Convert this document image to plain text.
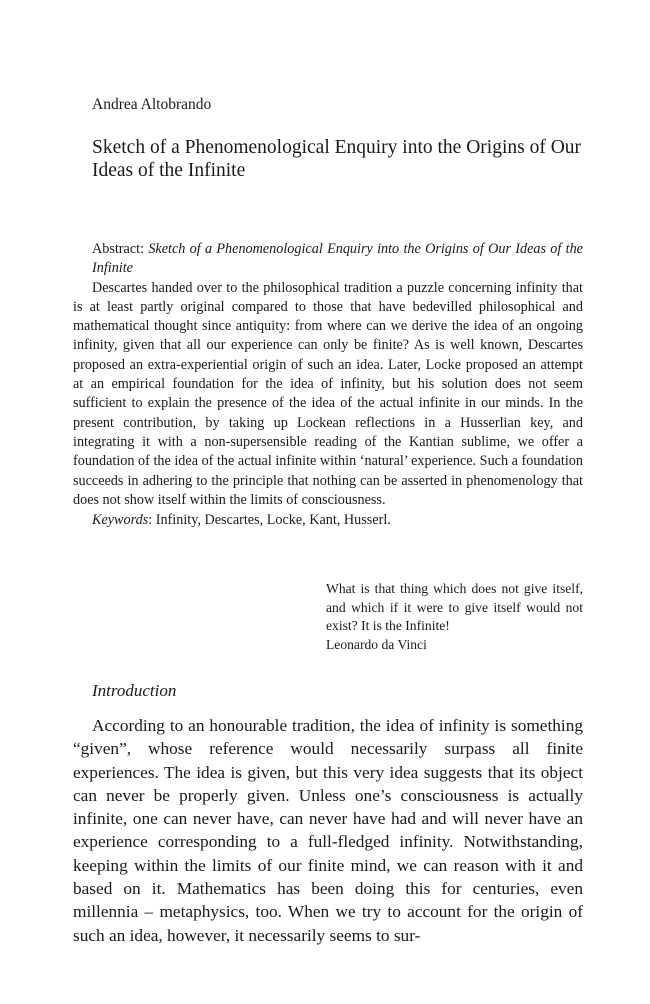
Andrea Altobrando
Sketch of a Phenomenological Enquiry into the Origins of Our Ideas of the Infinite

Abstract: Sketch of a Phenomenological Enquiry into the Origins of Our Ideas of the Infinite

Descartes handed over to the philosophical tradition a puzzle concerning infinity that is at least partly original compared to those that have bedevilled philosophical and mathematical thought since antiquity: from where can we derive the idea of an ongoing infinity, given that all our experience can only be finite? As is well known, Descartes proposed an extra-experiential origin of such an idea. Later, Locke proposed an attempt at an empirical foundation for the idea of infinity, but his solution does not seem sufficient to explain the presence of the idea of the actual infinite in our minds. In the present contribution, by taking up Lockean reflections in a Husserlian key, and integrating it with a non-supersensible reading of the Kantian sublime, we offer a foundation of the idea of the actual infinite within ‘natural’ experience. Such a foundation succeeds in adhering to the principle that nothing can be asserted in phenomenology that does not show itself within the limits of consciousness.

Keywords: Infinity, Descartes, Locke, Kant, Husserl.

What is that thing which does not give itself, and which if it were to give itself would not exist? It is the Infinite!

Leonardo da Vinci

Introduction

According to an honourable tradition, the idea of infinity is something “given”, whose reference would necessarily surpass all finite experiences. The idea is given, but this very idea suggests that its object can never be properly given. Unless one’s consciousness is actually infinite, one can never have, can never have had and will never have an experience corresponding to a full-fledged infinity. Notwithstanding, keeping within the limits of our finite mind, we can reason with it and based on it. Mathematics has been doing this for centuries, even millennia – metaphysics, too. When we try to account for the origin of such an idea, however, it necessarily seems to sur-
